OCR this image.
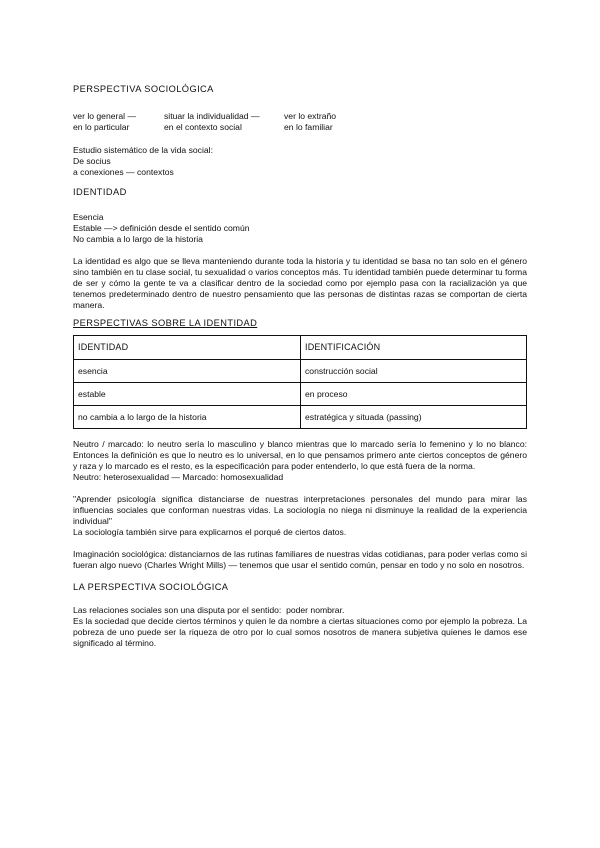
PERSPECTIVA SOCIOLÓGICA
ver lo general —	situar la individualidad —	ver lo extraño
en lo particular	en el contexto social	en lo familiar
Estudio sistemático de la vida social:
De socius
a conexiones — contextos
IDENTIDAD
Esencia
Estable —> definición desde el sentido común
No cambia a lo largo de la historia

La identidad es algo que se lleva manteniendo durante toda la historia y tu identidad se basa no tan solo en el género sino también en tu clase social, tu sexualidad o varios conceptos más. Tu identidad también puede determinar tu forma de ser y cómo la gente te va a clasificar dentro de la sociedad como por ejemplo pasa con la racialización ya que tenemos predeterminado dentro de nuestro pensamiento que las personas de distintas razas se comportan de cierta manera.

PERSPECTIVAS SOBRE LA IDENTIDAD
IDENTIDAD	IDENTIFICACIÓN
esencia	construcción social
estable	en proceso
no cambia a lo largo de la historia	estratégica y situada (passing)

Neutro / marcado: lo neutro sería lo masculino y blanco mientras que lo marcado sería lo femenino y lo no blanco: Entonces la definición es que lo neutro es lo universal, en lo que pensamos primero ante ciertos conceptos de género y raza y lo marcado es el resto, es la especificación para poder entenderlo, lo que está fuera de la norma.

Neutro: heterosexualidad — Marcado: homosexualidad

"Aprender psicología significa distanciarse de nuestras interpretaciones personales del mundo para mirar las influencias sociales que conforman nuestras vidas. La sociología no niega ni disminuye la realidad de la experiencia individual"

La sociología también sirve para explicarnos el porqué de ciertos datos.

Imaginación sociológica: distanciarnos de las rutinas familiares de nuestras vidas cotidianas, para poder verlas como si fueran algo nuevo (Charles Wright Mills) — tenemos que usar el sentido común, pensar en todo y no solo en nosotros.

LA PERSPECTIVA SOCIOLÓGICA
Las relaciones sociales son una disputa por el sentido:  poder nombrar.

Es la sociedad que decide ciertos términos y quien le da nombre a ciertas situaciones como por ejemplo la pobreza. La pobreza de uno puede ser la riqueza de otro por lo cual somos nosotros de manera subjetiva quienes le damos ese significado al término.
